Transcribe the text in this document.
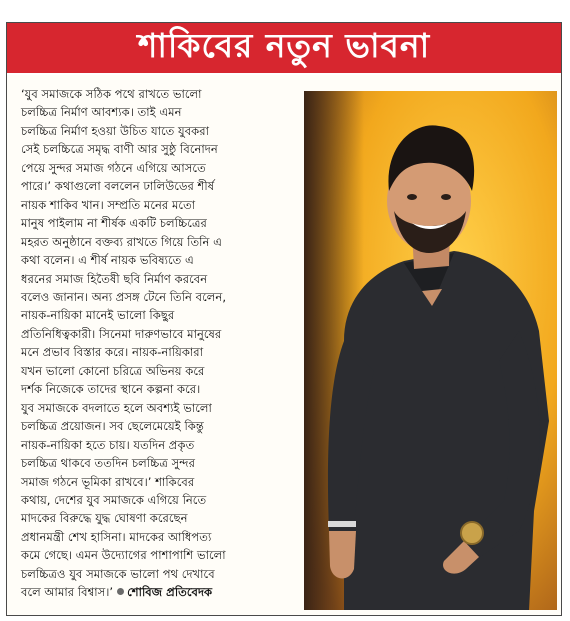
শাকিবের নতুন ভাবনা
‘যুব সমাজকে সঠিক পথে রাখতে ভালো
চলচ্চিত্র নির্মাণ আবশ্যক। তাই এমন
চলচ্চিত্র নির্মাণ হওয়া উচিত যাতে যুবকরা
সেই চলচ্চিত্রে সমৃদ্ধ বাণী আর সুষ্ঠু বিনোদন
পেয়ে সুন্দর সমাজ গঠনে এগিয়ে আসতে
পারে।’ কথাগুলো বললেন ঢালিউডের শীর্ষ
নায়ক শাকিব খান। সম্প্রতি মনের মতো
মানুষ পাইলাম না শীর্ষক একটি চলচ্চিত্রের
মহরত অনুষ্ঠানে বক্তব্য রাখতে গিয়ে তিনি এ
কথা বলেন। এ শীর্ষ নায়ক ভবিষ্যতে এ
ধরনের সমাজ হিতৈষী ছবি নির্মাণ করবেন
বলেও জানান। অন্য প্রসঙ্গ টেনে তিনি বলেন,
নায়ক-নায়িকা মানেই ভালো কিছুর
প্রতিনিধিত্বকারী। সিনেমা দারুণভাবে মানুষের
মনে প্রভাব বিস্তার করে। নায়ক-নায়িকারা
যখন ভালো কোনো চরিত্রে অভিনয় করে
দর্শক নিজেকে তাদের স্থানে কল্পনা করে।
যুব সমাজকে বদলাতে হলে অবশ্যই ভালো
চলচ্চিত্র প্রয়োজন। সব ছেলেমেয়েই কিন্তু
নায়ক-নায়িকা হতে চায়। যতদিন প্রকৃত
চলচ্চিত্র থাকবে ততদিন চলচ্চিত্র সুন্দর
সমাজ গঠনে ভূমিকা রাখবে।’ শাকিবের
কথায়, দেশের যুব সমাজকে এগিয়ে নিতে
মাদকের বিরুদ্ধে যুদ্ধ ঘোষণা করেছেন
প্রধানমন্ত্রী শেখ হাসিনা। মাদকের আধিপত্য
কমে গেছে। এমন উদ্যোগের পাশাপাশি ভালো
চলচ্চিত্রও যুব সমাজকে ভালো পথ দেখাবে
বলে আমার বিশ্বাস।’ শোবিজ প্রতিবেদক
